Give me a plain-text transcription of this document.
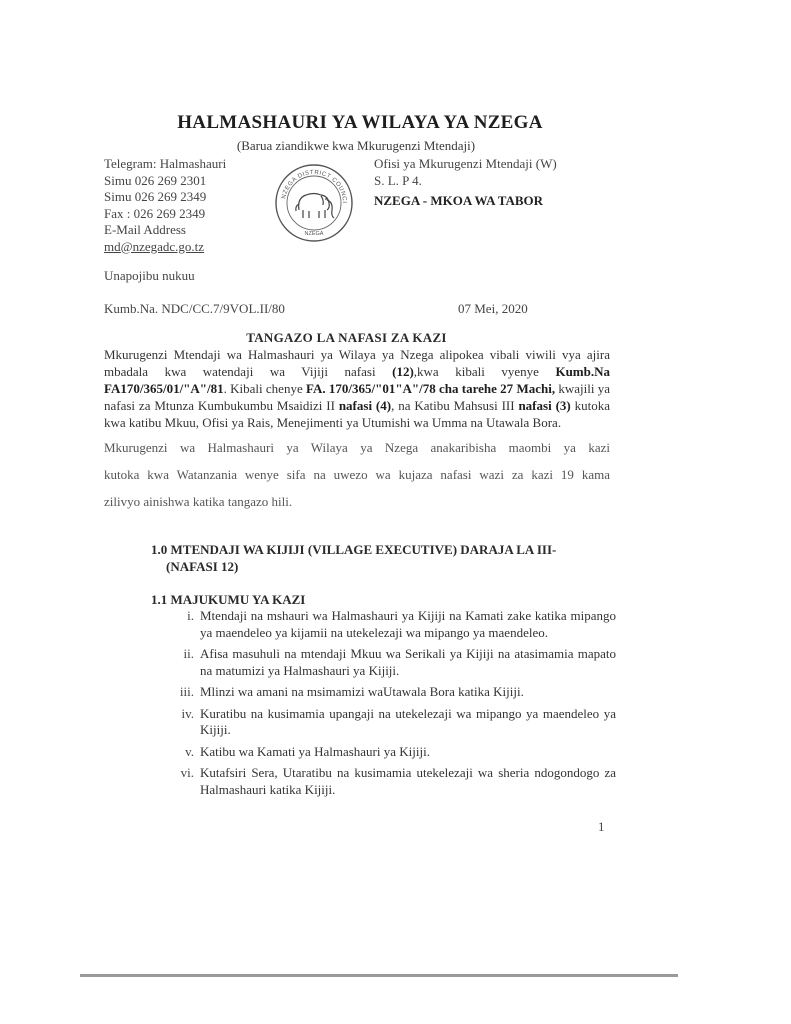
HALMASHAURI YA WILAYA YA NZEGA
(Barua ziandikwe kwa Mkurugenzi Mtendaji)
Telegram: Halmashauri
Simu 026 269 2301
Simu 026 269 2349
Fax : 026 269 2349
E-Mail Address
md@nzegadc.go.tz
NZEGA DISTRICT COUNCI
NZEGA
Ofisi ya Mkurugenzi Mtendaji (W)
S. L. P 4.
NZEGA - MKOA WA TABOR
Unapojibu nukuu
Kumb.Na. NDC/CC.7/9VOL.II/80	07 Mei, 2020
TANGAZO LA NAFASI ZA KAZI
Mkurugenzi Mtendaji wa Halmashauri ya Wilaya ya Nzega alipokea vibali viwili vya ajira mbadala kwa watendaji wa Vijiji nafasi (12),kwa kibali vyenye Kumb.Na FA170/365/01/"A"/81. Kibali chenye FA. 170/365/"01"A"/78 cha tarehe 27 Machi, kwajili ya nafasi za Mtunza Kumbukumbu Msaidizi II nafasi (4), na Katibu Mahsusi III nafasi (3) kutoka kwa katibu Mkuu, Ofisi ya Rais, Menejimenti ya Utumishi wa Umma na Utawala Bora.
Mkurugenzi wa Halmashauri ya Wilaya ya Nzega anakaribisha maombi ya kazi
kutoka kwa Watanzania wenye sifa na uwezo wa kujaza nafasi wazi za kazi 19 kama
zilivyo ainishwa katika tangazo hili.
1.0 MTENDAJI WA KIJIJI (VILLAGE EXECUTIVE) DARAJA LA III-
(NAFASI 12)
1.1 MAJUKUMU YA KAZI
i. Mtendaji na mshauri wa Halmashauri ya Kijiji na Kamati zake katika mipango ya maendeleo ya kijamii na utekelezaji wa mipango ya maendeleo.
ii. Afisa masuhuli na mtendaji Mkuu wa Serikali ya Kijiji na atasimamia mapato na matumizi ya Halmashauri ya Kijiji.
iii. Mlinzi wa amani na msimamizi waUtawala Bora katika Kijiji.
iv. Kuratibu na kusimamia upangaji na utekelezaji wa mipango ya maendeleo ya Kijiji.
v. Katibu wa Kamati ya Halmashauri ya Kijiji.
vi. Kutafsiri Sera, Utaratibu na kusimamia utekelezaji wa sheria ndogondogo za Halmashauri katika Kijiji.
1
